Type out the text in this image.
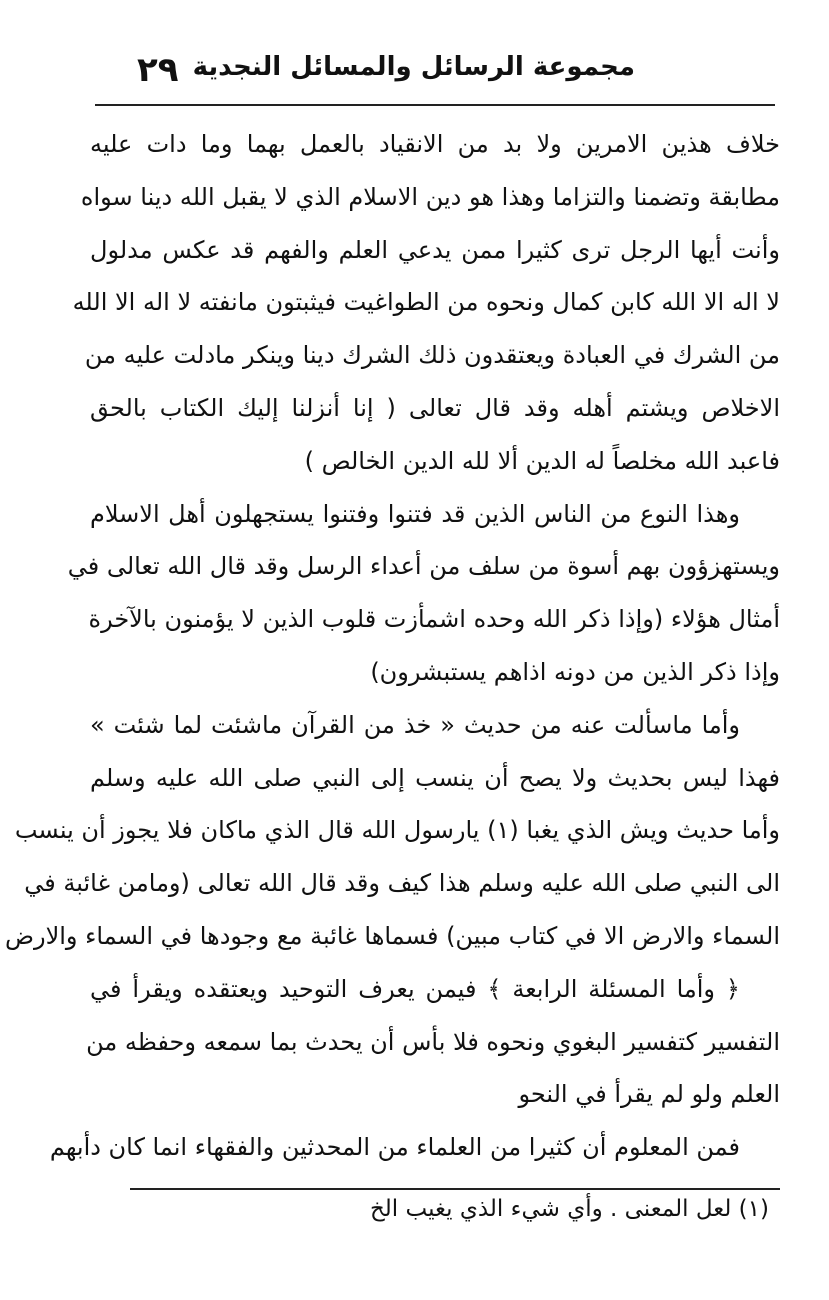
مجموعة الرسائل والمسائل النجدية
٢٩
خلاف هذين الامرين ولا بد من الانقياد بالعمل بهما وما دات عليه
مطابقة وتضمنا والتزاما وهذا هو دين الاسلام الذي لا يقبل الله دينا سواه
وأنت أيها الرجل ترى كثيرا ممن يدعي العلم والفهم قد عكس مدلول
لا اله الا الله كابن كمال ونحوه من الطواغيت فيثبتون مانفته لا اله الا الله
من الشرك في العبادة ويعتقدون ذلك الشرك دينا وينكر مادلت عليه من
الاخلاص ويشتم أهله وقد قال تعالى ( إنا أنزلنا إليك الكتاب بالحق
فاعبد الله مخلصاً له الدين ألا لله الدين الخالص )
وهذا النوع من الناس الذين قد فتنوا وفتنوا يستجهلون أهل الاسلام
ويستهزؤون بهم أسوة من سلف من أعداء الرسل وقد قال الله تعالى في
أمثال هؤلاء (وإذا ذكر الله وحده اشمأزت قلوب الذين لا يؤمنون بالآخرة
وإذا ذكر الذين من دونه اذاهم يستبشرون)
وأما ماسألت عنه من حديث « خذ من القرآن ماشئت لما شئت »
فهذا ليس بحديث ولا يصح أن ينسب إلى النبي صلى الله عليه وسلم
وأما حديث ويش الذي يغبا (١) يارسول الله قال الذي ماكان فلا يجوز أن ينسب
الى النبي صلى الله عليه وسلم هذا كيف وقد قال الله تعالى (ومامن غائبة في
السماء والارض الا في كتاب مبين) فسماها غائبة مع وجودها في السماء والارض
﴿ وأما المسئلة الرابعة ﴾ فيمن يعرف التوحيد ويعتقده ويقرأ في
التفسير كتفسير البغوي ونحوه فلا بأس أن يحدث بما سمعه وحفظه من
العلم ولو لم يقرأ في النحو
فمن المعلوم أن كثيرا من العلماء من المحدثين والفقهاء انما كان دأبهم
(١) لعل المعنى . وأي شيء الذي يغيب الخ
